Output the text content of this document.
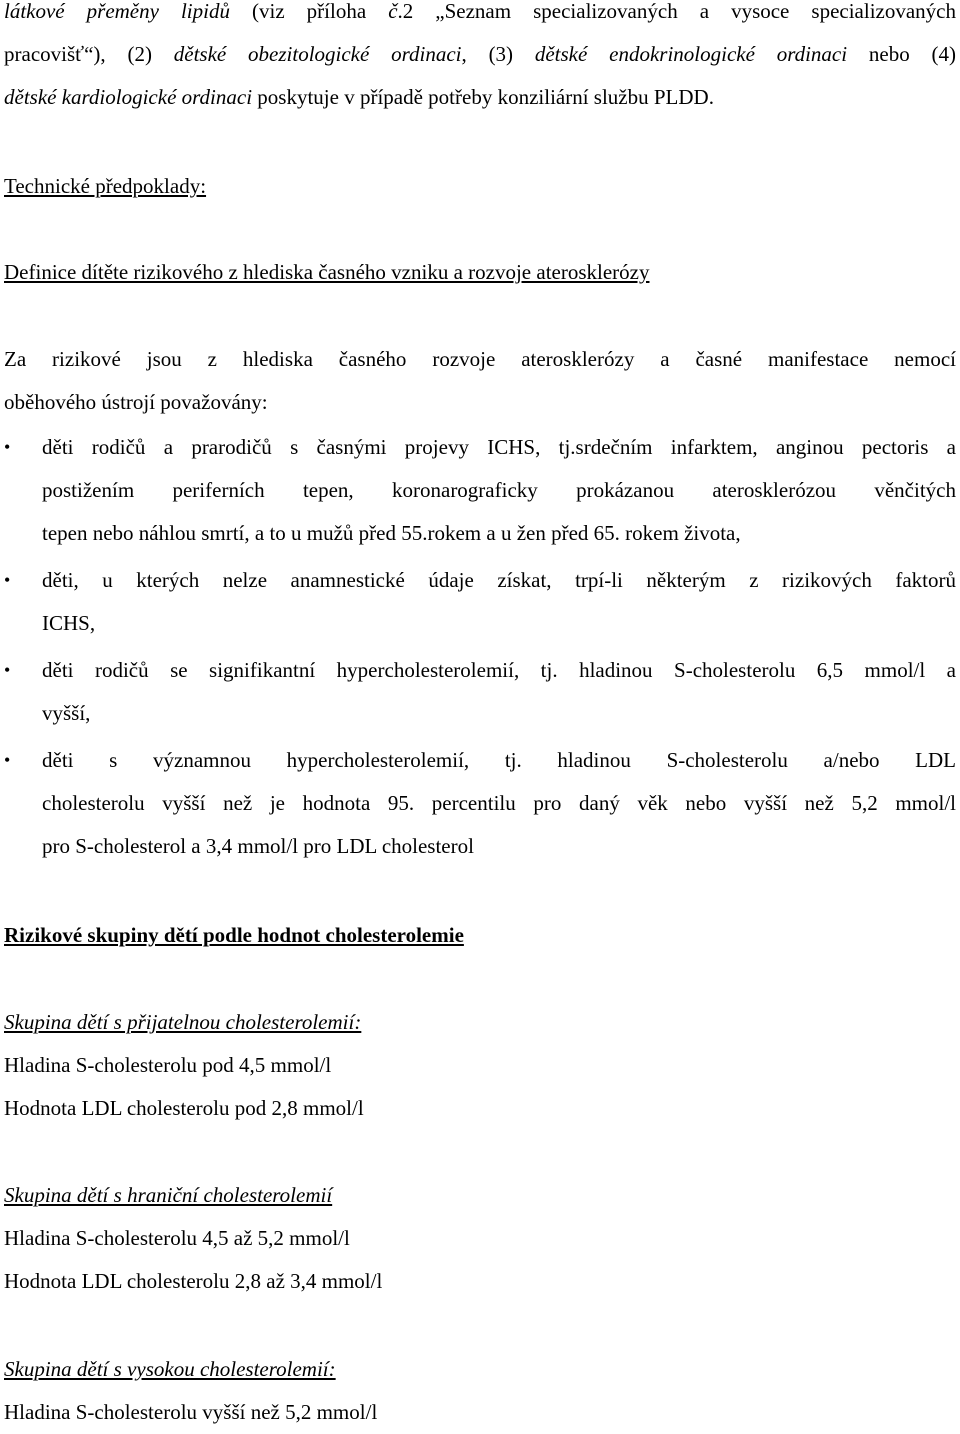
látkové přeměny lipidů (viz příloha č.2 „Seznam specializovaných a vysoce specializovaných
pracovišť“), (2) dětské obezitologické ordinaci, (3) dětské endokrinologické ordinaci nebo (4)
dětské kardiologické ordinaci poskytuje v případě potřeby konziliární službu PLDD.
Technické předpoklady:
Definice dítěte rizikového z hlediska časného vzniku a rozvoje aterosklerózy
Za rizikové jsou z hlediska časného rozvoje aterosklerózy a časné manifestace nemocí
oběhového ústrojí považovány:
•	děti rodičů a prarodičů s časnými projevy ICHS, tj.srdečním infarktem, anginou pectoris a
postižením periferních tepen, koronarograficky prokázanou aterosklerózou věnčitých
tepen nebo náhlou smrtí, a to u mužů před 55.rokem a u žen před 65. rokem života,
•	děti, u kterých nelze anamnestické údaje získat, trpí-li některým z rizikových faktorů
ICHS,
•	děti rodičů se signifikantní hypercholesterolemií, tj. hladinou S-cholesterolu 6,5 mmol/l a
vyšší,
•	děti s významnou hypercholesterolemií, tj. hladinou S-cholesterolu a/nebo LDL
cholesterolu vyšší než je hodnota 95. percentilu pro daný věk nebo vyšší než 5,2 mmol/l
pro S-cholesterol a 3,4 mmol/l pro LDL cholesterol
Rizikové skupiny dětí podle hodnot cholesterolemie
Skupina dětí s přijatelnou cholesterolemií:
Hladina S-cholesterolu pod 4,5 mmol/l
Hodnota LDL cholesterolu pod 2,8 mmol/l
Skupina dětí s hraniční cholesterolemií
Hladina S-cholesterolu 4,5 až 5,2 mmol/l
Hodnota LDL cholesterolu 2,8 až 3,4 mmol/l
Skupina dětí s vysokou cholesterolemií:
Hladina S-cholesterolu vyšší než 5,2 mmol/l
